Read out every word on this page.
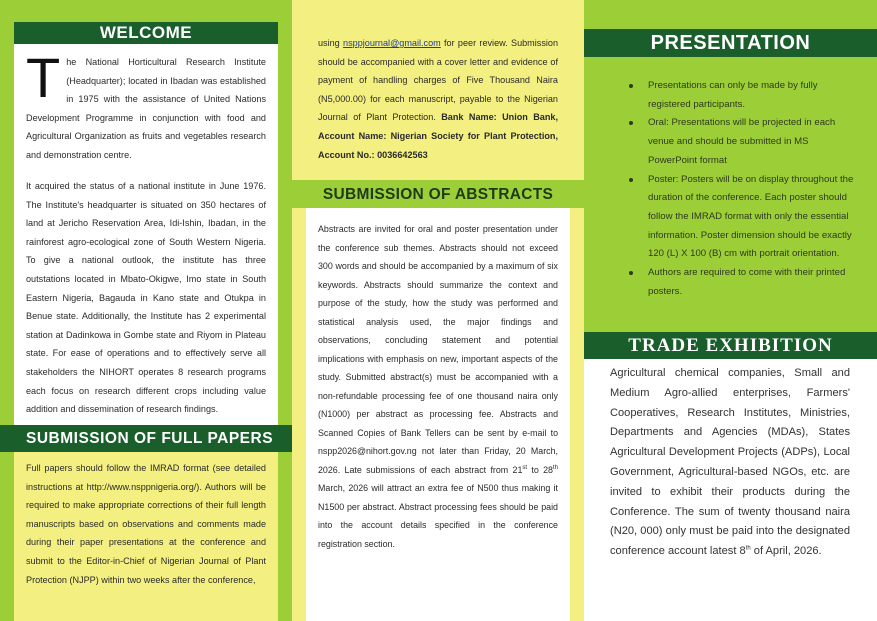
WELCOME
The National Horticultural Research Institute (Headquarter); located in Ibadan was established in 1975 with the assistance of United Nations Development Programme in conjunction with food and Agricultural Organization as fruits and vegetables research and demonstration centre.
It acquired the status of a national institute in June 1976. The Institute's headquarter is situated on 350 hectares of land at Jericho Reservation Area, Idi-Ishin, Ibadan, in the rainforest agro-ecological zone of South Western Nigeria. To give a national outlook, the institute has three outstations located in Mbato-Okigwe, Imo state in South Eastern Nigeria, Bagauda in Kano state and Otukpa in Benue state. Additionally, the Institute has 2 experimental station at Dadinkowa in Gombe state and Riyom in Plateau state. For ease of operations and to effectively serve all stakeholders the NIHORT operates 8 research programs each focus on research different crops including value addition and dissemination of research findings.
SUBMISSION OF FULL PAPERS
Full papers should follow the IMRAD format (see detailed instructions at http://www.nsppnigeria.org/). Authors will be required to make appropriate corrections of their full length manuscripts based on observations and comments made during their paper presentations at the conference and submit to the Editor-in-Chief of Nigerian Journal of Plant Protection (NJPP) within two weeks after the conference,
using nsppjournal@gmail.com for peer review. Submission should be accompanied with a cover letter and evidence of payment of handling charges of Five Thousand Naira (N5,000.00) for each manuscript, payable to the Nigerian Journal of Plant Protection. Bank Name: Union Bank, Account Name: Nigerian Society for Plant Protection, Account No.: 0036642563
SUBMISSION OF ABSTRACTS
Abstracts are invited for oral and poster presentation under the conference sub themes. Abstracts should not exceed 300 words and should be accompanied by a maximum of six keywords. Abstracts should summarize the context and purpose of the study, how the study was performed and statistical analysis used, the major findings and observations, concluding statement and potential implications with emphasis on new, important aspects of the study. Submitted abstract(s) must be accompanied with a non-refundable processing fee of one thousand naira only (N1000) per abstract as processing fee. Abstracts and Scanned Copies of Bank Tellers can be sent by e-mail to nspp2026@nihort.gov.ng not later than Friday, 20 March, 2026. Late submissions of each abstract from 21st to 28th March, 2026 will attract an extra fee of N500 thus making it N1500 per abstract. Abstract processing fees should be paid into the account details specified in the conference registration section.
PRESENTATION
Presentations can only be made by fully registered participants.
Oral: Presentations will be projected in each venue and should be submitted in MS PowerPoint format
Poster: Posters will be on display throughout the duration of the conference. Each poster should follow the IMRAD format with only the essential information. Poster dimension should be exactly 120 (L) X 100 (B) cm with portrait orientation.
Authors are required to come with their printed posters.
TRADE EXHIBITION
Agricultural chemical companies, Small and Medium Agro-allied enterprises, Farmers' Cooperatives, Research Institutes, Ministries, Departments and Agencies (MDAs), States Agricultural Development Projects (ADPs), Local Government, Agricultural-based NGOs, etc. are invited to exhibit their products during the Conference. The sum of twenty thousand naira (N20, 000) only must be paid into the designated conference account latest 8th of April, 2026.
